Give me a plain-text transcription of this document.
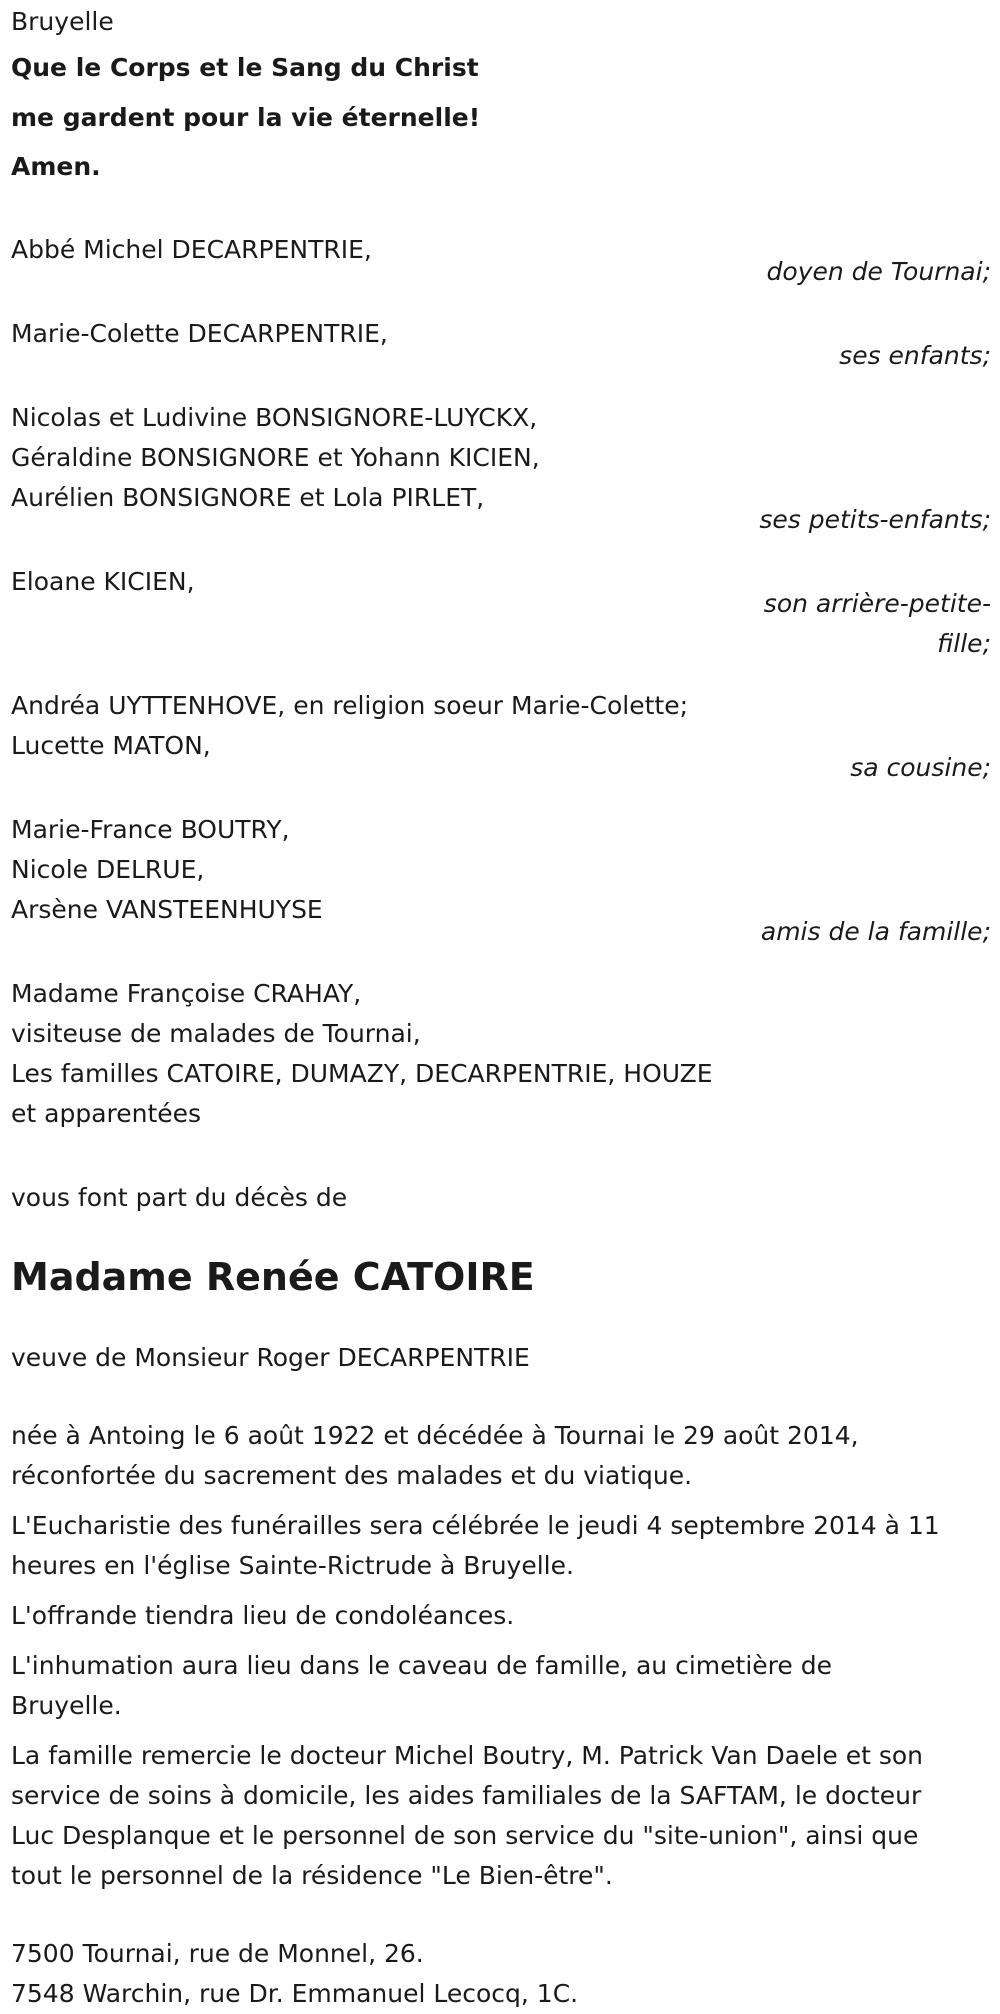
Bruyelle
Que le Corps et le Sang du Christ
me gardent pour la vie éternelle!
Amen.
Abbé Michel DECARPENTRIE,
doyen de Tournai;
Marie-Colette DECARPENTRIE,
ses enfants;
Nicolas et Ludivine BONSIGNORE-LUYCKX,
Géraldine BONSIGNORE et Yohann KICIEN,
Aurélien BONSIGNORE et Lola PIRLET,
ses petits-enfants;
Eloane KICIEN,
son arrière-petite-
fille;
Andréa UYTTENHOVE, en religion soeur Marie-Colette;
Lucette MATON,
sa cousine;
Marie-France BOUTRY,
Nicole DELRUE,
Arsène VANSTEENHUYSE
amis de la famille;
Madame Françoise CRAHAY,
visiteuse de malades de Tournai,
Les familles CATOIRE, DUMAZY, DECARPENTRIE, HOUZE
et apparentées
vous font part du décès de
Madame Renée CATOIRE
veuve de Monsieur Roger DECARPENTRIE
née à Antoing le 6 août 1922 et décédée à Tournai le 29 août 2014,
réconfortée du sacrement des malades et du viatique.
L'Eucharistie des funérailles sera célébrée le jeudi 4 septembre 2014 à 11
heures en l'église Sainte-Rictrude à Bruyelle.
L'offrande tiendra lieu de condoléances.
L'inhumation aura lieu dans le caveau de famille, au cimetière de
Bruyelle.
La famille remercie le docteur Michel Boutry, M. Patrick Van Daele et son
service de soins à domicile, les aides familiales de la SAFTAM, le docteur
Luc Desplanque et le personnel de son service du "site-union", ainsi que
tout le personnel de la résidence "Le Bien-être".
7500 Tournai, rue de Monnel, 26.
7548 Warchin, rue Dr. Emmanuel Lecocq, 1C.
